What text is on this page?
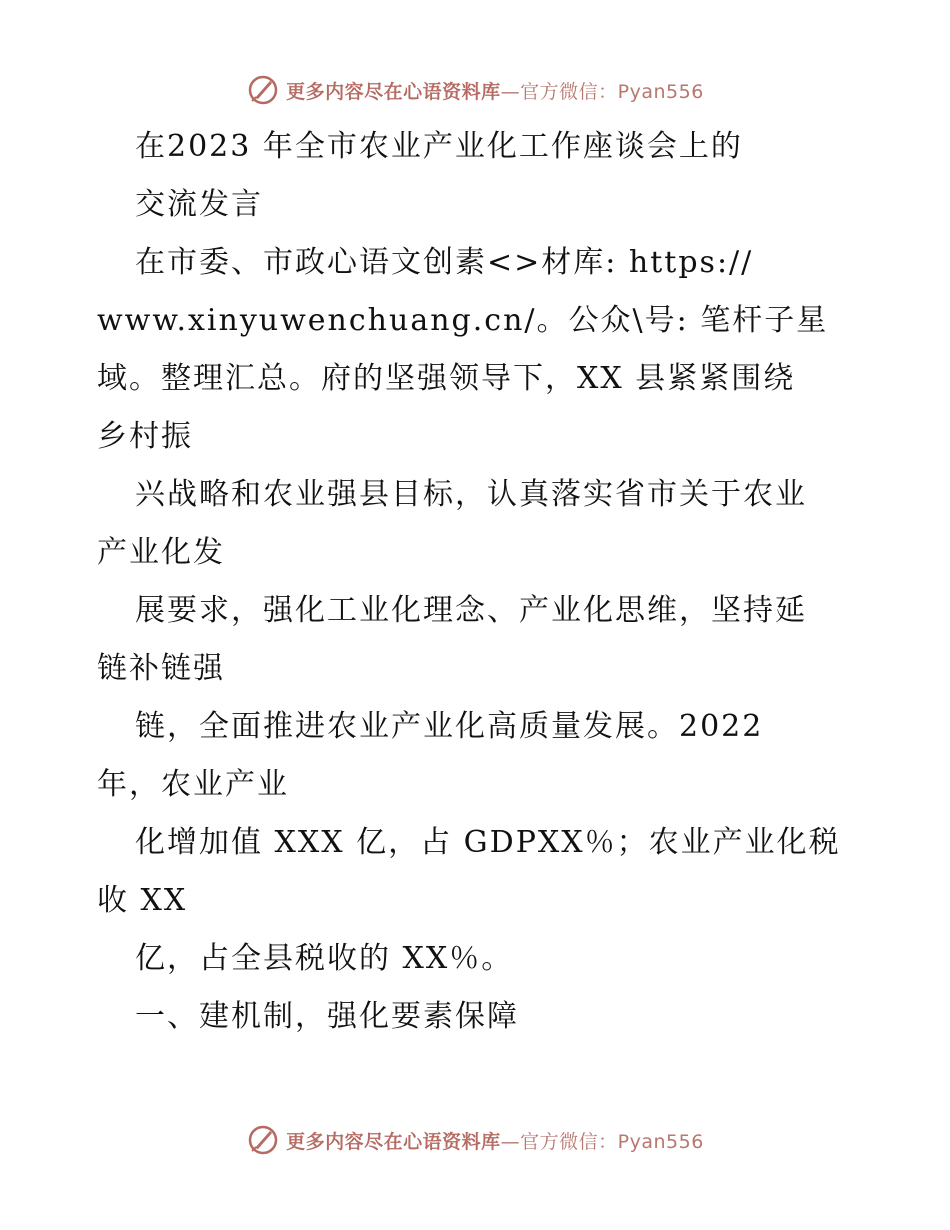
更多内容尽在心语资料库—官方微信：Pyan556
在2023 年全市农业产业化工作座谈会上的
交流发言
在市委、市政心语文创素<>材库: https://
www.xinyuwenchuang.cn/。公众\号: 笔杆子星
域。整理汇总。府的坚强领导下，XX 县紧紧围绕
乡村振
兴战略和农业强县目标，认真落实省市关于农业
产业化发
展要求，强化工业化理念、产业化思维，坚持延
链补链强
链，全面推进农业产业化高质量发展。2022
年，农业产业
化增加值 XXX 亿，占 GDPXX％；农业产业化税
收 XX
亿，占全县税收的 XX％。
一、建机制，强化要素保障
更多内容尽在心语资料库—官方微信：Pyan556
